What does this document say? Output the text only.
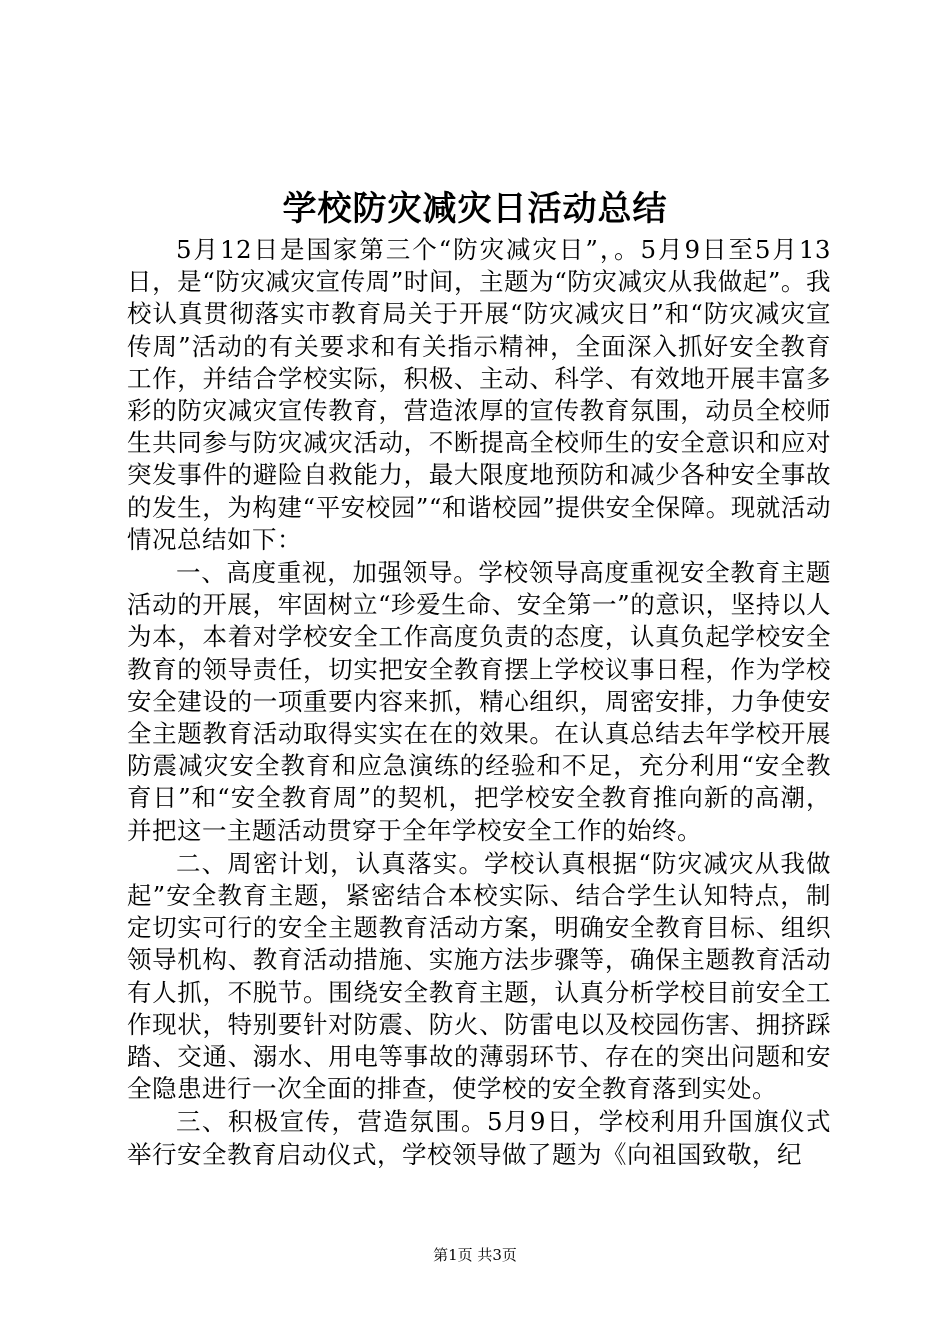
学校防灾减灾日活动总结

5月12日是国家第三个“防灾减灾日”，。5月9日至5月13日，是“防灾减灾宣传周”时间，主题为“防灾减灾从我做起”。我校认真贯彻落实市教育局关于开展“防灾减灾日”和“防灾减灾宣传周”活动的有关要求和有关指示精神，全面深入抓好安全教育工作，并结合学校实际，积极、主动、科学、有效地开展丰富多彩的防灾减灾宣传教育，营造浓厚的宣传教育氛围，动员全校师生共同参与防灾减灾活动，不断提高全校师生的安全意识和应对突发事件的避险自救能力，最大限度地预防和减少各种安全事故的发生，为构建“平安校园”“和谐校园”提供安全保障。现就活动情况总结如下：

一、高度重视，加强领导。学校领导高度重视安全教育主题活动的开展，牢固树立“珍爱生命、安全第一”的意识，坚持以人为本，本着对学校安全工作高度负责的态度，认真负起学校安全教育的领导责任，切实把安全教育摆上学校议事日程，作为学校安全建设的一项重要内容来抓，精心组织，周密安排，力争使安全主题教育活动取得实实在在的效果。在认真总结去年学校开展防震减灾安全教育和应急演练的经验和不足，充分利用“安全教育日”和“安全教育周”的契机，把学校安全教育推向新的高潮，并把这一主题活动贯穿于全年学校安全工作的始终。

二、周密计划，认真落实。学校认真根据“防灾减灾从我做起”安全教育主题，紧密结合本校实际、结合学生认知特点，制定切实可行的安全主题教育活动方案，明确安全教育目标、组织领导机构、教育活动措施、实施方法步骤等，确保主题教育活动有人抓，不脱节。围绕安全教育主题，认真分析学校目前安全工作现状，特别要针对防震、防火、防雷电以及校园伤害、拥挤踩踏、交通、溺水、用电等事故的薄弱环节、存在的突出问题和安全隐患进行一次全面的排查，使学校的安全教育落到实处。

三、积极宣传，营造氛围。5月9日，学校利用升国旗仪式举行安全教育启动仪式，学校领导做了题为《向祖国致敬，纪

第1页 共3页
